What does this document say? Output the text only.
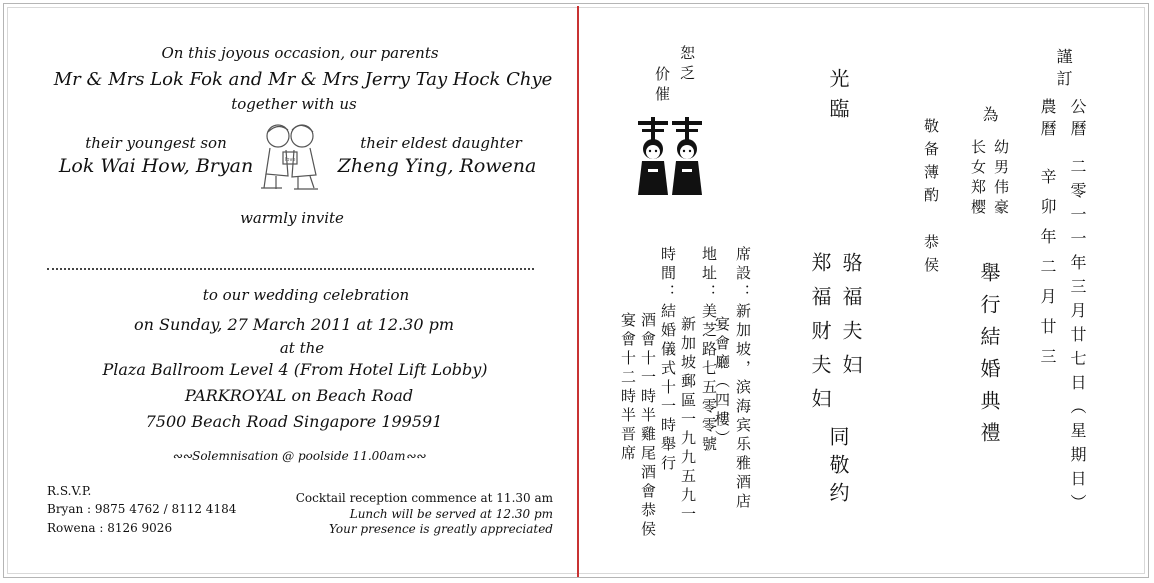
On this joyous occasion, our parents
Mr & Mrs Lok Fok and Mr & Mrs Jerry Tay Hock Chye
together with us
their youngest son
Lok Wai How, Bryan
their eldest daughter
Zheng Ying, Rowena
love
warmly invite
to our wedding celebration
on Sunday, 27 March 2011 at 12.30 pm
at the
Plaza Ballroom Level 4 (From Hotel Lift Lobby)
PARKROYAL on Beach Road
7500 Beach Road Singapore 199591
∾∾Solemnisation @ poolside 11.00am∾∾
R.S.V.P.
Bryan : 9875 4762 / 8112 4184
Rowena : 8126 9026
Cocktail reception commence at 11.30 am
Lunch will be served at 12.30 pm
Your presence is greatly appreciated
謹訂
公曆
二零一一年三月廿七日（星期日）
農曆
辛卯年二月廿三
為
幼男伟豪
长女郑樱
舉行結婚典禮
敬备薄酌
恭侯
光臨
骆福夫妇
郑福财夫妇
同敬约
恕乏
价催
席設：新加坡，滨海宾乐雅酒店
宴會廳（四樓）
地址：美芝路七五零零號
新加坡郵區一九九五九一
時間：結婚儀式十一時舉行
酒會十一時半雞尾酒會恭侯
宴會十二時半晋席
